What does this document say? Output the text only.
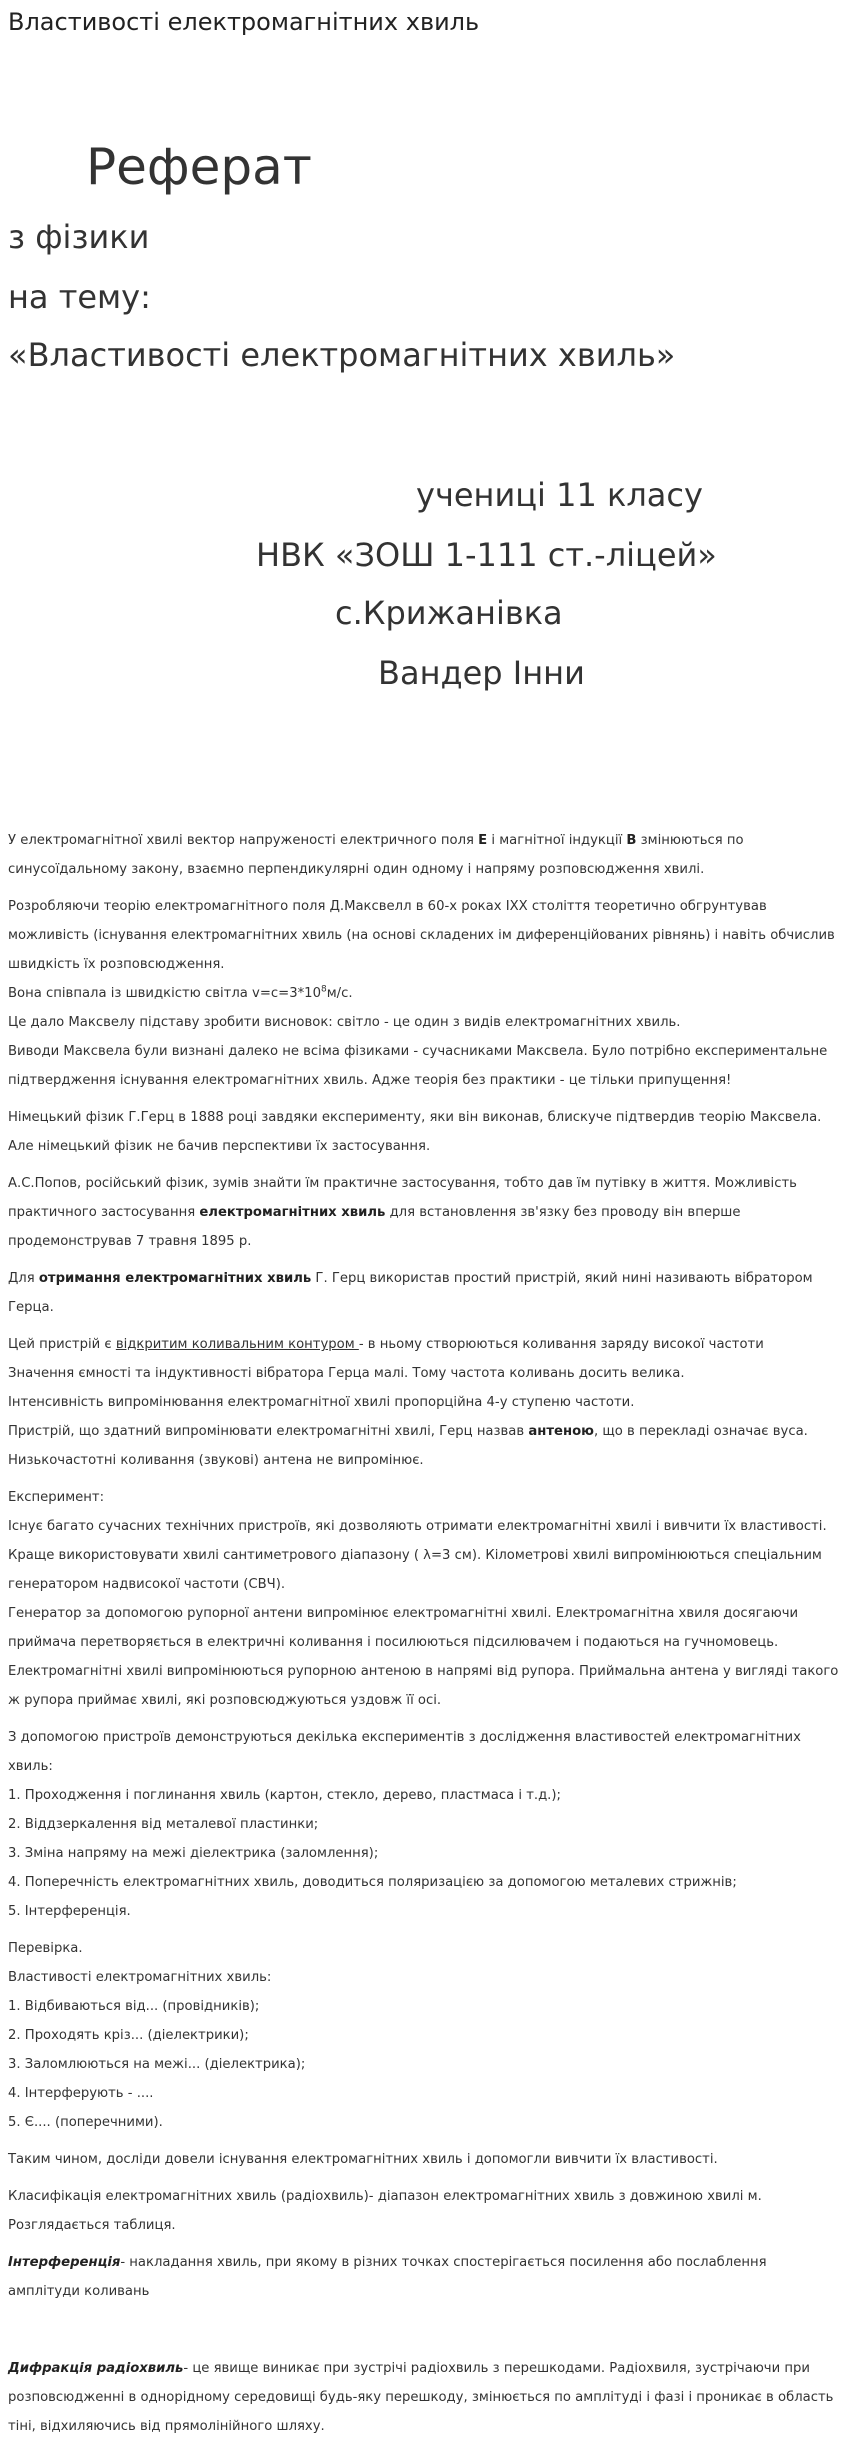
Властивості електромагнітних хвиль
Реферат
з фізики
на тему:
«Властивості електромагнітних хвиль»
учениці 11 класу
НВК «ЗОШ 1-111 ст.-ліцей»
с.Крижанівка
Вандер Інни

У електромагнітної хвилі вектор напруженості електричного поля Е і магнітної індукції В змінюються по синусоїдальному закону, взаємно перпендикулярні один одному і напряму розповсюдження хвилі.

Розробляючи теорію електромагнітного поля Д.Максвелл в 60-х роках ІХХ століття теоретично обгрунтував можливість (існування електромагнітних хвиль (на основі складених ім диференційованих рівнянь) і навіть обчислив швидкість їх розповсюдження.

Вона співпала із швидкістю світла $v=c=3*10^8м/с$.

Це дало Максвелу підставу зробити висновок: світло - це один з видів електромагнітних хвиль.

Виводи Максвела були визнані далеко не всіма фізиками - сучасниками Максвела. Було потрібно експериментальне підтвердження існування електромагнітних хвиль. Адже теорія без практики - це тільки припущення!

Німецький фізик Г.Герц в 1888 році завдяки експерименту, яки він виконав, блискуче підтвердив теорію Максвела. Але німецький фізик не бачив перспективи їх застосування.

А.С.Попов, російський фізик, зумів знайти їм практичне застосування, тобто дав їм путівку в життя. Можливість практичного застосування електромагнітних хвиль для встановлення зв'язку без проводу він вперше продемонстрував 7 травня 1895 р.

Для отримання електромагнітних хвиль Г. Герц використав простий пристрій, який нині називають вібратором Герца.

Цей пристрій є відкритим коливальним контуром - в ньому створюються коливання заряду високої частоти

Значення ємності та індуктивності вібратора Герца малі. Тому частота коливань досить велика.

Інтенсивність випромінювання електромагнітної хвилі пропорційна 4-у ступеню частоти.

Пристрій, що здатний випромінювати електромагнітні хвилі, Герц назвав антеною, що в перекладі означає вуса.

Низькочастотні коливання (звукові) антена не випромінює.

Експеримент:

Існує багато сучасних технічних пристроїв, які дозволяють отримати електромагнітні хвилі і вивчити їх властивості.

Краще використовувати хвилі сантиметрового діапазону ( λ=3 см). Кілометрові хвилі випромінюються спеціальним генератором надвисокої частоти (СВЧ).

Генератор за допомогою рупорної антени випромінює електромагнітні хвилі. Електромагнітна хвиля досягаючи приймача перетворяється в електричні коливання і посилюються підсилювачем і подаються на гучномовець.

Електромагнітні хвилі випромінюються рупорною антеною в напрямі від рупора. Приймальна антена у вигляді такого ж рупора приймає хвилі, які розповсюджуються уздовж її осі.

З допомогою пристроїв демонструються декілька експериментів з дослідження властивостей електромагнітних хвиль:

1. Проходження і поглинання хвиль (картон, стекло, дерево, пластмаса і т.д.);

2. Віддзеркалення від металевої пластинки;

3. Зміна напряму на межі діелектрика (заломлення);

4. Поперечність електромагнітних хвиль, доводиться поляризацією за допомогою металевих стрижнів;

5. Інтерференція.

Перевірка.

Властивості електромагнітних хвиль:

1. Відбиваються від... (провідників);

2. Проходять кріз... (діелектрики);

3. Заломлюються на межі... (діелектрика);

4. Інтерферують - ....

5. Є.... (поперечними).

Таким чином, досліди довели існування електромагнітних хвиль і допомогли вивчити їх властивості.

Класифікація електромагнітних хвиль (радіохвиль)- діапазон електромагнітних хвиль з довжиною хвилі м.

Розглядається таблиця.

Інтерференція- накладання хвиль, при якому в різних точках спостерігається посилення або послаблення амплітуди коливань

Дифракція радіохвиль- це явище виникає при зустрічі радіохвиль з перешкодами. Радіохвиля, зустрічаючи при розповсюдженні в однорідному середовищі будь-яку перешкоду, змінюється по амплітуді і фазі і проникає в область тіні, відхиляючись від прямолінійного шляху.
